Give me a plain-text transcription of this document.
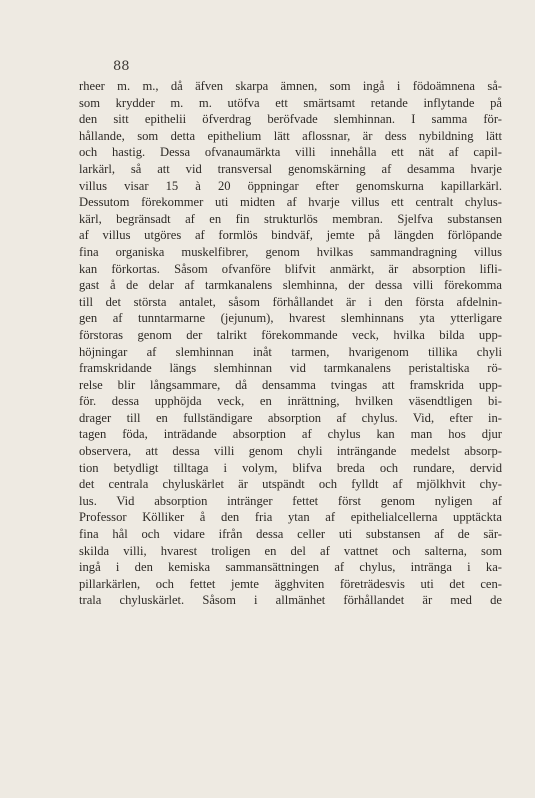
88
rheer m. m., då äfven skarpa ämnen, som ingå i födoämnena så-
som krydder m. m. utöfva ett smärtsamt retande inflytande på
den sitt epithelii öfverdrag beröfvade slemhinnan. I samma för-
hållande, som detta epithelium lätt aflossnar, är dess nybildning lätt
och hastig. Dessa ofvanaumärkta villi innehålla ett nät af capil-
larkärl, så att vid transversal genomskärning af desamma hvarje
villus visar 15 à 20 öppningar efter genomskurna kapillarkärl.
Dessutom förekommer uti midten af hvarje villus ett centralt chylus-
kärl, begränsadt af en fin strukturlös membran. Sjelfva substansen
af villus utgöres af formlös bindväf, jemte på längden förlöpande
fina organiska muskelfibrer, genom hvilkas sammandragning villus
kan förkortas. Såsom ofvanföre blifvit anmärkt, är absorption lifli-
gast å de delar af tarmkanalens slemhinna, der dessa villi förekomma
till det största antalet, såsom förhållandet är i den första afdelnin-
gen af tunntarmarne (jejunum), hvarest slemhinnans yta ytterligare
förstoras genom der talrikt förekommande veck, hvilka bilda upp-
höjningar af slemhinnan inåt tarmen, hvarigenom tillika chyli
framskridande längs slemhinnan vid tarmkanalens peristaltiska rö-
relse blir långsammare, då densamma tvingas att framskrida upp-
för. dessa upphöjda veck, en inrättning, hvilken väsendtligen bi-
drager till en fullständigare absorption af chylus. Vid, efter in-
tagen föda, inträdande absorption af chylus kan man hos djur
observera, att dessa villi genom chyli inträngande medelst absorp-
tion betydligt tilltaga i volym, blifva breda och rundare, dervid
det centrala chyluskärlet är utspändt och fylldt af mjölkhvit chy-
lus. Vid absorption intränger fettet först genom nyligen af
Professor Kölliker å den fria ytan af epithelialcellerna upptäckta
fina hål och vidare ifrån dessa celler uti substansen af de sär-
skilda villi, hvarest troligen en del af vattnet och salterna, som
ingå i den kemiska sammansättningen af chylus, inträngа i ka-
pillarkärlen, och fettet jemte ägghviten företrädesvis uti det cen-
trala chyluskärlet. Såsom i allmänhet förhållandet är med de
